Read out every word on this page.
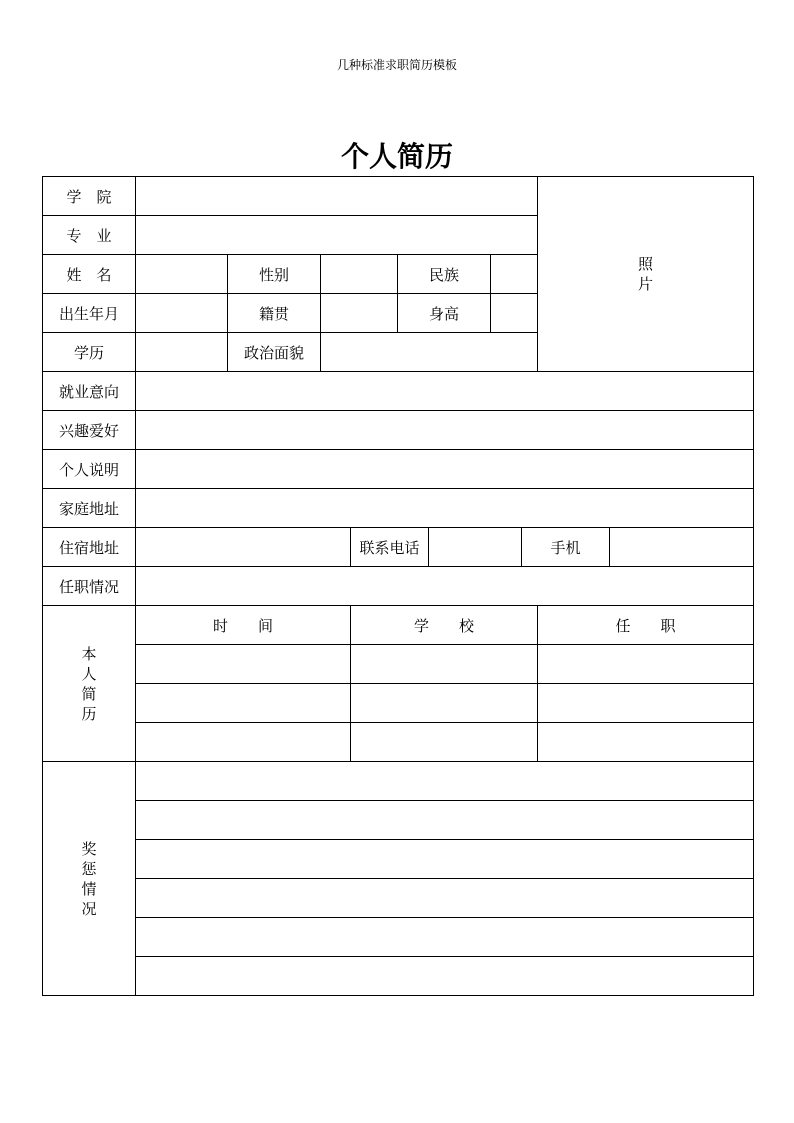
几种标准求职简历模板
个人简历
学　院									照片	
专　业										
姓　名		性别			民族					
出生年月		籍贯			身高					
学历		政治面貌								
就业意向										
兴趣爱好										
个人说明										
家庭地址										
住宿地址				联系电话				手机		
任职情况										
本人简历	时　　间			学　　校					任　　职	

奖惩情况										
